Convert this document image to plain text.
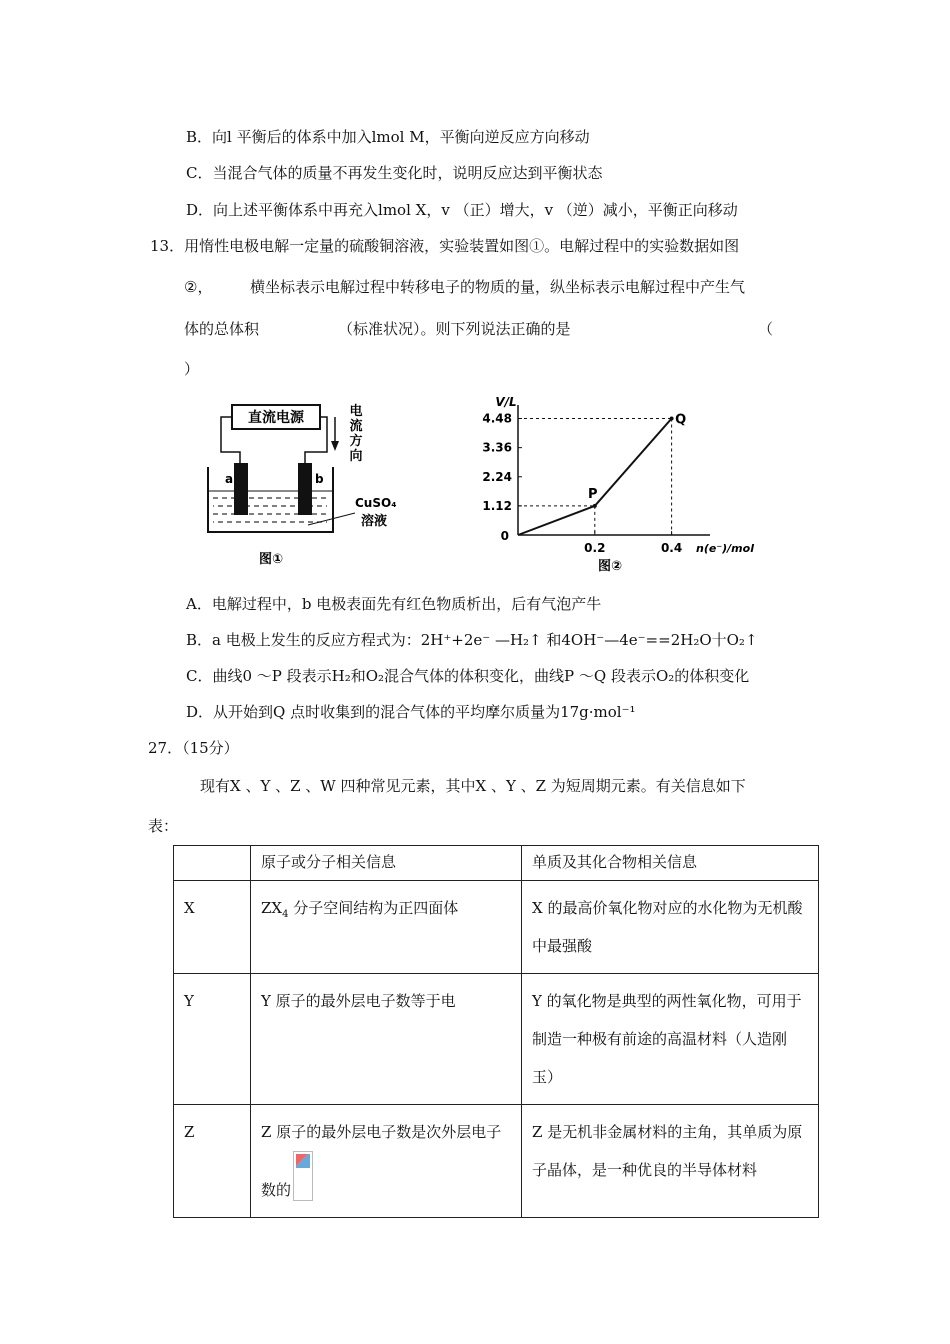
B．向l 平衡后的体系中加入lmol M，平衡向逆反应方向移动
C．当混合气体的质量不再发生变化时，说明反应达到平衡状态
D．向上述平衡体系中再充入lmol X，v （正）增大，v （逆）减小，平衡正向移动
13．用惰性电极电解一定量的硫酸铜溶液，实验装置如图①。电解过程中的实验数据如图
②，	横坐标表示电解过程中转移电子的物质的量，纵坐标表示电解过程中产生气
体的总体积	（标准状况）。则下列说法正确的是	（
）
直流电源	电
流
方
向
a	b
CuSO₄
溶液
图①
1.12
2.24
3.36
4.48
0.2	0.4
P
Q
V/L
n(e⁻)/mol
0
图②
A．电解过程中，b 电极表面先有红色物质析出，后有气泡产牛
B．a 电极上发生的反应方程式为：2H⁺+2e⁻ —H₂↑ 和4OH⁻—4e⁻==2H₂O十O₂↑
C．曲线0 ～P 段表示H₂和O₂混合气体的体积变化，曲线P ～Q 段表示O₂的体积变化
D．从开始到Q 点时收集到的混合气体的平均摩尔质量为17g·mol⁻¹
27．（15分）
现有X 、Y 、Z 、W 四种常见元素，其中X 、Y 、Z 为短周期元素。有关信息如下
表：
	原子或分子相关信息	单质及其化合物相关信息
X	$ZX_4$ 分子空间结构为正四面体	X 的最高价氧化物对应的水化物为无机酸中最强酸
Y	Y 原子的最外层电子数等于电	Y 的氧化物是典型的两性氧化物，可用于制造一种极有前途的高温材料（人造刚玉）
Z	Z 原子的最外层电子数是次外层电子数的	Z 是无机非金属材料的主角，其单质为原子晶体，是一种优良的半导体材料
